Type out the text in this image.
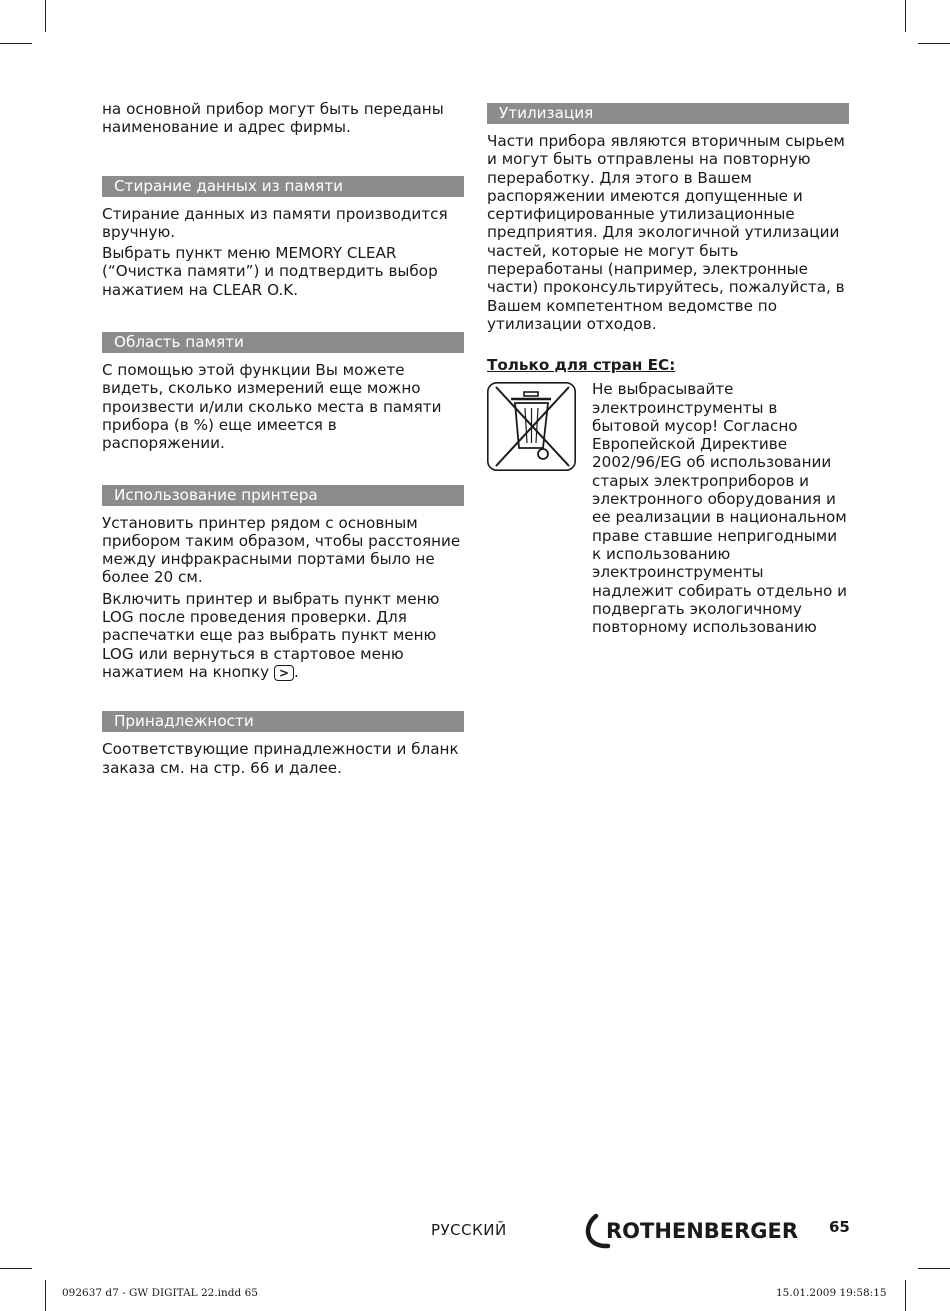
на основной прибор могут быть переданы наименование и адрес фирмы.

Стирание данных из памяти

Стирание данных из памяти производится вручную.

Выбрать пункт меню MEMORY CLEAR (“Очистка памяти”) и подтвердить выбор нажатием на CLEAR O.K.

Область памяти

С помощью этой функции Вы можете видеть, сколько измерений еще можно произвести и/или сколько места в памяти прибора (в %) еще имеется в распоряжении.

Использование принтера

Установить принтер рядом с основным прибором таким образом, чтобы расстояние между инфракрасными портами было не более 20 см.

Включить принтер и выбрать пункт меню LOG после проведения проверки. Для распечатки еще раз выбрать пункт меню LOG или вернуться в стартовое меню нажатием на кнопку > .

Принадлежности

Соответствующие принадлежности и бланк заказа см. на стр. 66 и далее.

Утилизация

Части прибора являются вторичным сырьем и могут быть отправлены на повторную переработку. Для этого в Вашем распоряжении имеются допущенные и сертифицированные утилизационные предприятия. Для экологичной утилизации частей, которые не могут быть переработаны (например, электронные части) проконсультируйтесь, пожалуйста, в Вашем компетентном ведомстве по утилизации отходов.

Только для стран ЕС:

Не выбрасывайте электроинструменты в бытовой мусор! Согласно Европейской Директиве 2002/96/EG об использовании старых электроприборов и электронного оборудования и ее реализации в национальном праве ставшие непригодными к использованию электроинструменты надлежит собирать отдельно и подвергать экологичному повторному использованию

РУССКИЙ	ROTHENBERGER 65
092637 d7 - GW DIGITAL 22.indd 65	15.01.2009 19:58:15
